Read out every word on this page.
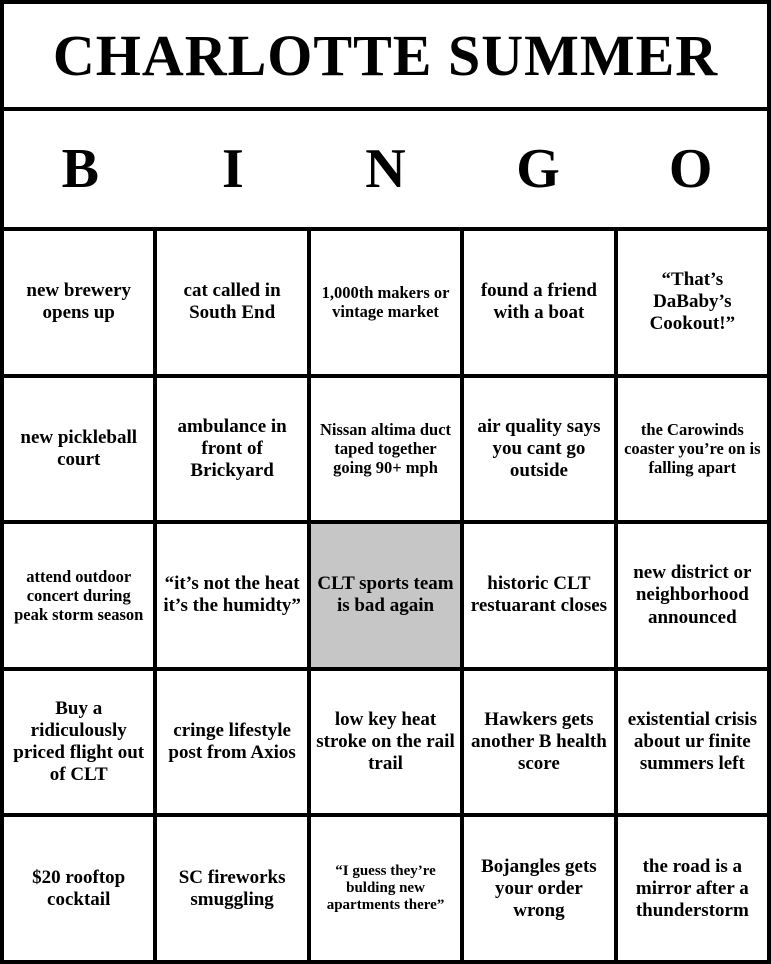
CHARLOTTE SUMMER
B	I	N	G	O
new brewery opens up
cat called in South End
1,000th makers or vintage market
found a friend with a boat
“That’s DaBaby’s Cookout!”
new pickleball court
ambulance in front of Brickyard
Nissan altima duct taped together going 90+ mph
air quality says you cant go outside
the Carowinds coaster you’re on is falling apart
attend outdoor concert during peak storm season
“it’s not the heat it’s the humidty”
CLT sports team is bad again
historic CLT restuarant closes
new district or neighborhood announced
Buy a ridiculously priced flight out of CLT
cringe lifestyle post from Axios
low key heat stroke on the rail trail
Hawkers gets another B health score
existential crisis about ur finite summers left
$20 rooftop cocktail
SC fireworks smuggling
“I guess they’re bulding new apartments there”
Bojangles gets your order wrong
the road is a mirror after a thunderstorm
